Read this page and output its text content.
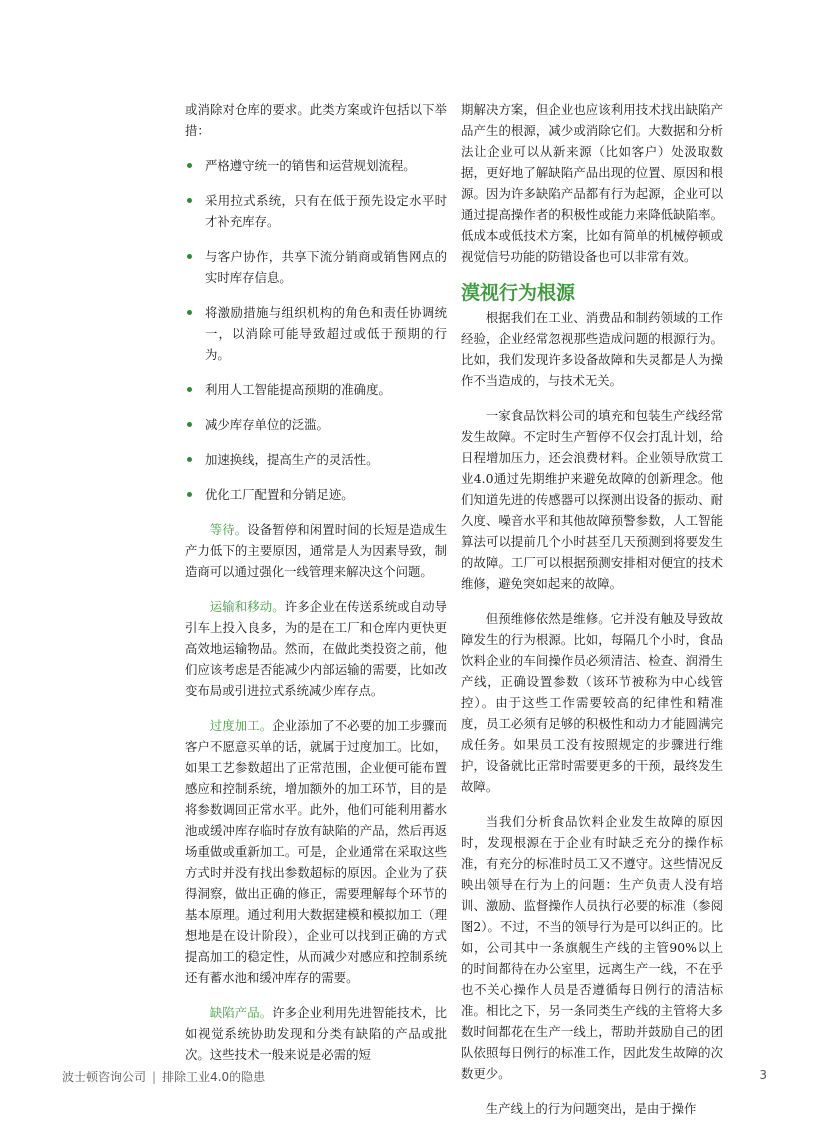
或消除对仓库的要求。此类方案或许包括以下举措：

严格遵守统一的销售和运营规划流程。
采用拉式系统，只有在低于预先设定水平时才补充库存。
与客户协作，共享下流分销商或销售网点的实时库存信息。
将激励措施与组织机构的角色和责任协调统一，以消除可能导致超过或低于预期的行为。
利用人工智能提高预期的准确度。
减少库存单位的泛滥。
加速换线，提高生产的灵活性。
优化工厂配置和分销足迹。

等待。设备暂停和闲置时间的长短是造成生产力低下的主要原因，通常是人为因素导致，制造商可以通过强化一线管理来解决这个问题。

运输和移动。许多企业在传送系统或自动导引车上投入良多，为的是在工厂和仓库内更快更高效地运输物品。然而，在做此类投资之前，他们应该考虑是否能减少内部运输的需要，比如改变布局或引进拉式系统减少库存点。

过度加工。企业添加了不必要的加工步骤而客户不愿意买单的话，就属于过度加工。比如，如果工艺参数超出了正常范围，企业便可能布置感应和控制系统，增加额外的加工环节，目的是将参数调回正常水平。此外，他们可能利用蓄水池或缓冲库存临时存放有缺陷的产品，然后再返场重做或重新加工。可是，企业通常在采取这些方式时并没有找出参数超标的原因。企业为了获得洞察，做出正确的修正，需要理解每个环节的基本原理。通过利用大数据建模和模拟加工（理想地是在设计阶段），企业可以找到正确的方式提高加工的稳定性，从而减少对感应和控制系统还有蓄水池和缓冲库存的需要。

缺陷产品。许多企业利用先进智能技术，比如视觉系统协助发现和分类有缺陷的产品或批次。这些技术一般来说是必需的短

期解决方案，但企业也应该利用技术找出缺陷产品产生的根源，减少或消除它们。大数据和分析法让企业可以从新来源（比如客户）处汲取数据，更好地了解缺陷产品出现的位置、原因和根源。因为许多缺陷产品都有行为起源，企业可以通过提高操作者的积极性或能力来降低缺陷率。低成本或低技术方案，比如有简单的机械停顿或视觉信号功能的防错设备也可以非常有效。

漠视行为根源

根据我们在工业、消费品和制药领域的工作经验，企业经常忽视那些造成问题的根源行为。比如，我们发现许多设备故障和失灵都是人为操作不当造成的，与技术无关。

一家食品饮料公司的填充和包装生产线经常发生故障。不定时生产暂停不仅会打乱计划，给日程增加压力，还会浪费材料。企业领导欣赏工业4.0通过先期维护来避免故障的创新理念。他们知道先进的传感器可以探测出设备的振动、耐久度、噪音水平和其他故障预警参数，人工智能算法可以提前几个小时甚至几天预测到将要发生的故障。工厂可以根据预测安排相对便宜的技术维修，避免突如起来的故障。

但预维修依然是维修。它并没有触及导致故障发生的行为根源。比如，每隔几个小时，食品饮料企业的车间操作员必须清洁、检查、润滑生产线，正确设置参数（该环节被称为中心线管控）。由于这些工作需要较高的纪律性和精准度，员工必须有足够的积极性和动力才能圆满完成任务。如果员工没有按照规定的步骤进行维护，设备就比正常时需要更多的干预，最终发生故障。

当我们分析食品饮料企业发生故障的原因时，发现根源在于企业有时缺乏充分的操作标准，有充分的标准时员工又不遵守。这些情况反映出领导在行为上的问题：生产负责人没有培训、激励、监督操作人员执行必要的标准（参阅图2）。不过，不当的领导行为是可以纠正的。比如，公司其中一条旗舰生产线的主管90%以上的时间都待在办公室里，远离生产一线，不在乎也不关心操作人员是否遵循每日例行的清洁标准。相比之下，另一条同类生产线的主管将大多数时间都花在生产一线上，帮助并鼓励自己的团队依照每日例行的标准工作，因此发生故障的次数更少。

生产线上的行为问题突出，是由于操作

波士顿咨询公司 | 排除工业4.0的隐患	3
